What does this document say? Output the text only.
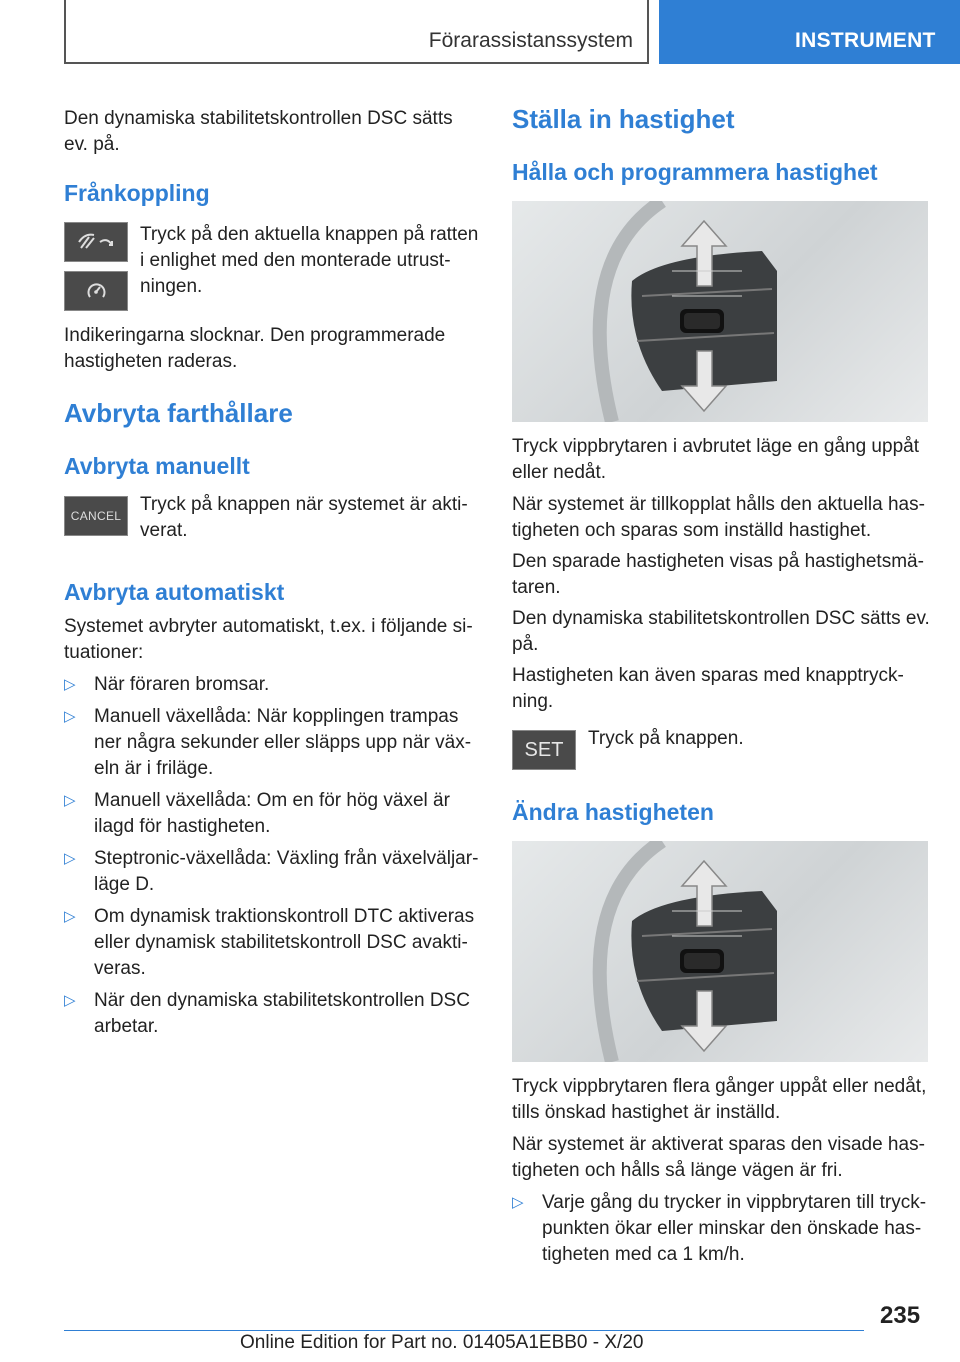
Förarassistanssystem	INSTRUMENT

Den dynamiska stabilitetskontrollen DSC sätts ev. på.

Frånkoppling

Tryck på den aktuella knappen på ratten i enlighet med den monterade utrustningen.

Indikeringarna slocknar. Den programmerade hastigheten raderas.

Avbryta farthållare
Avbryta manuellt
CANCEL

Tryck på knappen när systemet är aktiverat.

Avbryta automatiskt

Systemet avbryter automatiskt, t.ex. i följande situationer:

▷ När föraren bromsar.
▷ Manuell växellåda: När kopplingen trampas ner några sekunder eller släpps upp när växeln är i friläge.
▷ Manuell växellåda: Om en för hög växel är ilagd för hastigheten.
▷ Steptronic-växellåda: Växling från växelväljarläge D.
▷ Om dynamisk traktionskontroll DTC aktiveras eller dynamisk stabilitetskontroll DSC avaktiveras.
▷ När den dynamiska stabilitetskontrollen DSC arbetar.
Ställa in hastighet
Hålla och programmera hastighet

Tryck vippbrytaren i avbrutet läge en gång uppåt eller nedåt.

När systemet är tillkopplat hålls den aktuella hastigheten och sparas som inställd hastighet.

Den sparade hastigheten visas på hastighetsmätaren.

Den dynamiska stabilitetskontrollen DSC sätts ev. på.

Hastigheten kan även sparas med knapptryckning.

SET Tryck på knappen.

Ändra hastigheten

Tryck vippbrytaren flera gånger uppåt eller nedåt, tills önskad hastighet är inställd.

När systemet är aktiverat sparas den visade hastigheten och hålls så länge vägen är fri.

▷ Varje gång du trycker in vippbrytaren till tryckpunkten ökar eller minskar den önskade hastigheten med ca 1 km/h.
235
Online Edition for Part no. 01405A1EBB0 - X/20
